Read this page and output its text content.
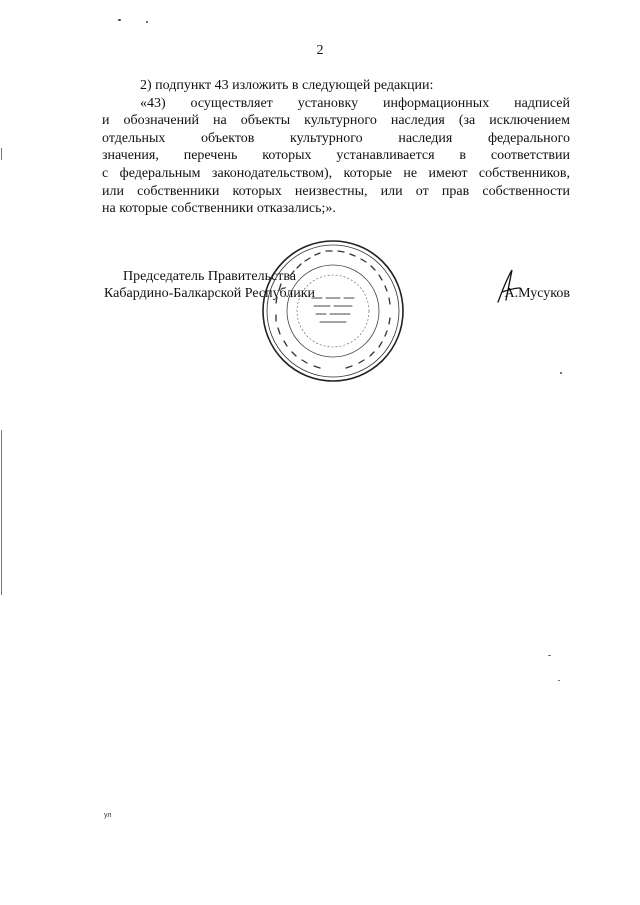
2
2) подпункт 43 изложить в следующей редакции:
«43) осуществляет установку информационных надписей
и обозначений на объекты культурного наследия (за исключением
отдельных объектов культурного наследия федерального
значения, перечень которых устанавливается в соответствии
с федеральным законодательством), которые не имеют собственников,
или собственники которых неизвестны, или от прав собственности
на которые собственники отказались;».
Председатель Правительства
Кабардино-Балкарской Республики	А.Мусуков
ул
